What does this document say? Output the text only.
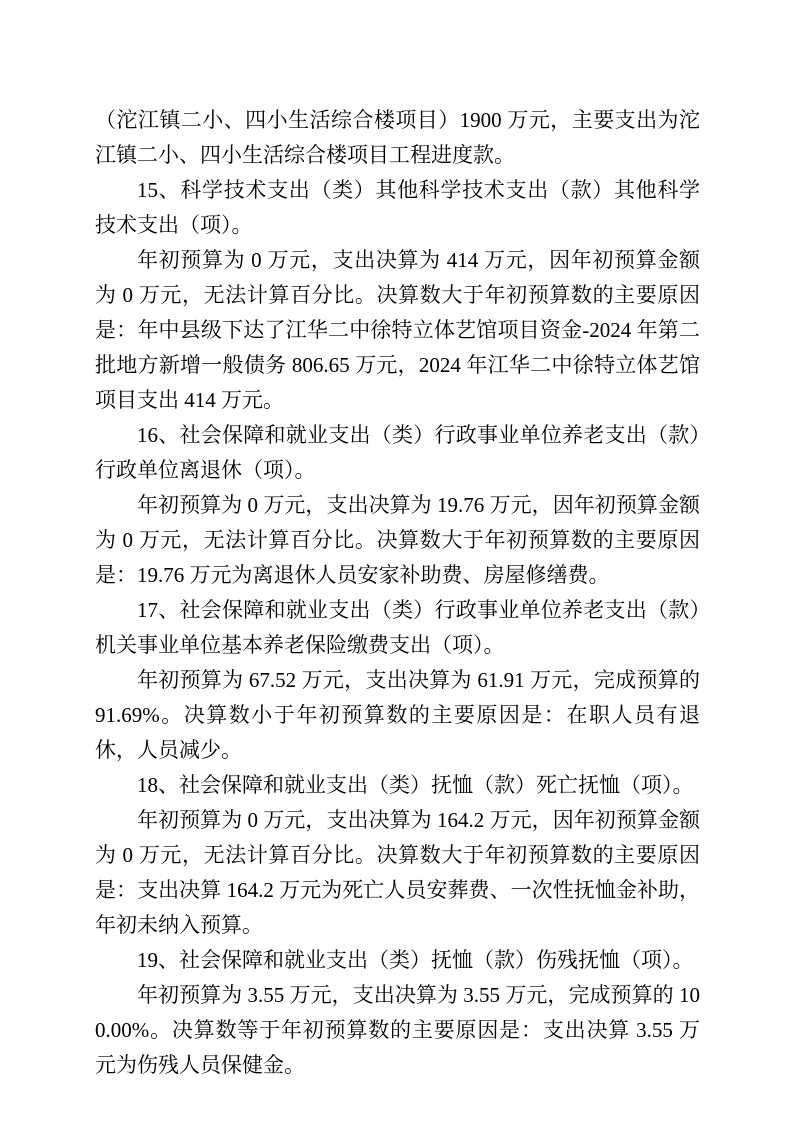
（沱江镇二小、四小生活综合楼项目）1900 万元，主要支出为沱江镇二小、四小生活综合楼项目工程进度款。

15、科学技术支出（类）其他科学技术支出（款）其他科学技术支出（项）。

年初预算为 0 万元，支出决算为 414 万元，因年初预算金额为 0 万元，无法计算百分比。决算数大于年初预算数的主要原因是：年中县级下达了江华二中徐特立体艺馆项目资金-2024 年第二批地方新增一般债务 806.65 万元，2024 年江华二中徐特立体艺馆项目支出 414 万元。

16、社会保障和就业支出（类）行政事业单位养老支出（款）行政单位离退休（项）。

年初预算为 0 万元，支出决算为 19.76 万元，因年初预算金额为 0 万元，无法计算百分比。决算数大于年初预算数的主要原因是：19.76 万元为离退休人员安家补助费、房屋修缮费。

17、社会保障和就业支出（类）行政事业单位养老支出（款）机关事业单位基本养老保险缴费支出（项）。

年初预算为 67.52 万元，支出决算为 61.91 万元，完成预算的 91.69%。决算数小于年初预算数的主要原因是：在职人员有退休，人员减少。

18、社会保障和就业支出（类）抚恤（款）死亡抚恤（项）。

年初预算为 0 万元，支出决算为 164.2 万元，因年初预算金额为 0 万元，无法计算百分比。决算数大于年初预算数的主要原因是：支出决算 164.2 万元为死亡人员安葬费、一次性抚恤金补助，年初未纳入预算。

19、社会保障和就业支出（类）抚恤（款）伤残抚恤（项）。

年初预算为 3.55 万元，支出决算为 3.55 万元，完成预算的 100.00%。决算数等于年初预算数的主要原因是：支出决算 3.55 万元为伤残人员保健金。
